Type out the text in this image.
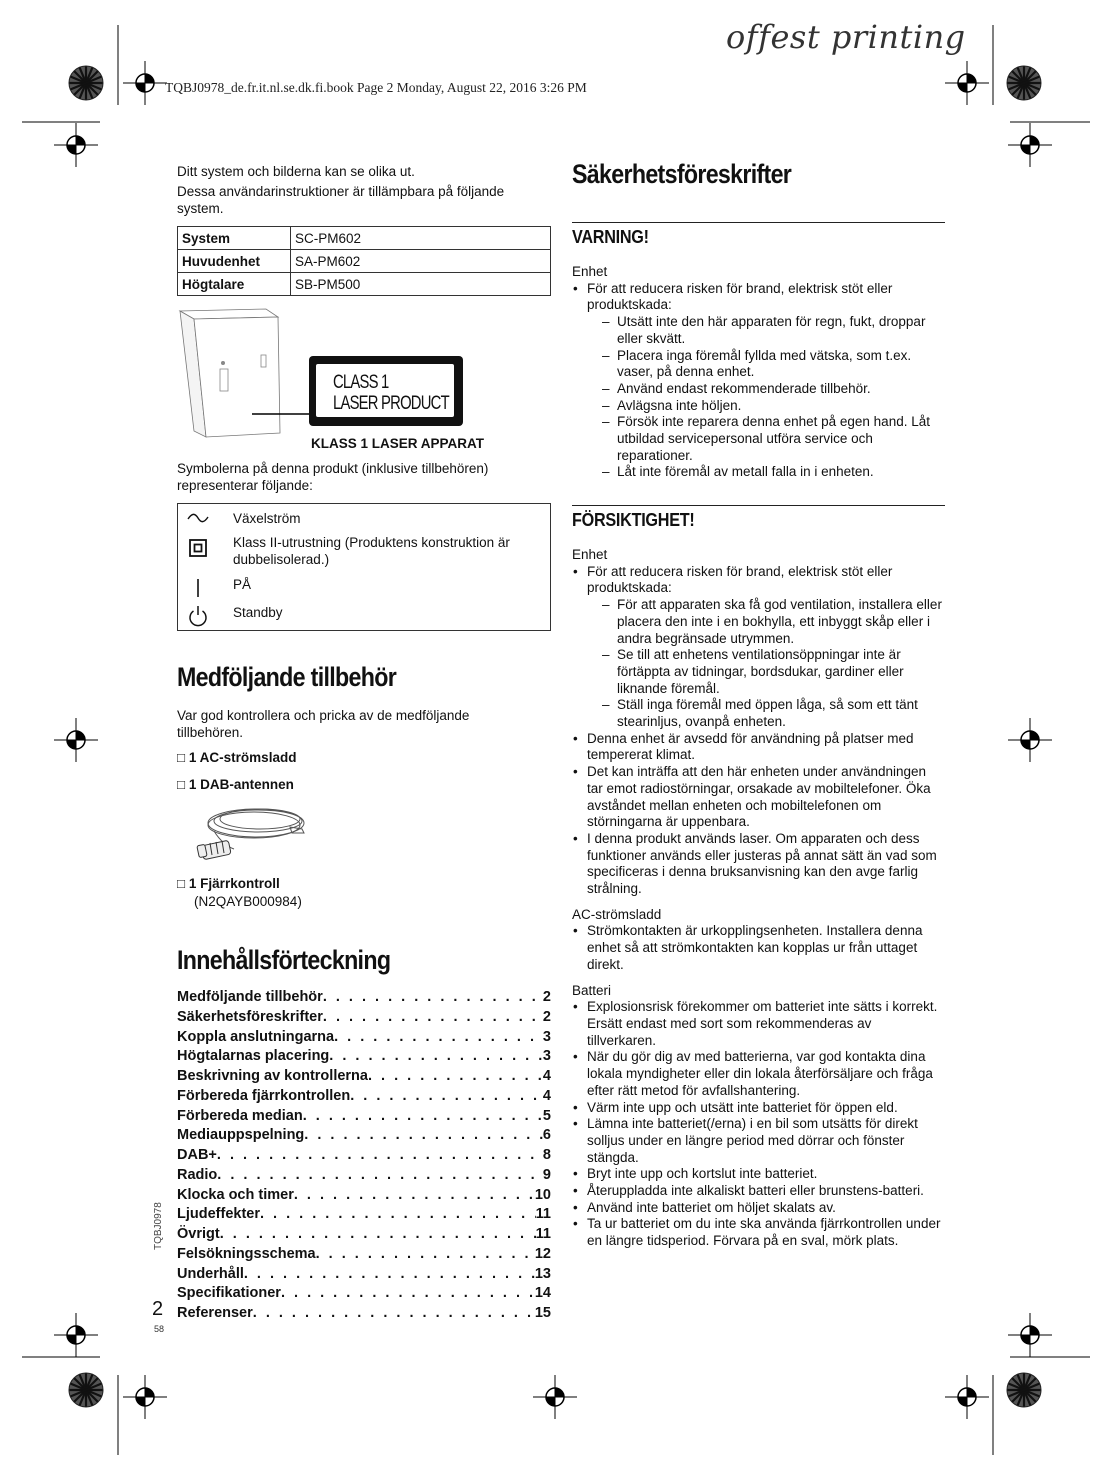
offest printing
TQBJ0978_de.fr.it.nl.se.dk.fi.book Page 2 Monday, August 22, 2016 3:26 PM

Ditt system och bilderna kan se olika ut.

Dessa användarinstruktioner är tillämpbara på följande system.

System	SC-PM602
Huvudenhet	SA-PM602
Högtalare	SB-PM500
CLASS 1
LASER PRODUCT
KLASS 1 LASER APPARAT

Symbolerna på denna produkt (inklusive tillbehören) representerar följande:

Växelström
Klass II-utrustning (Produktens konstruktion är dubbelisolerad.)
PÅ
Standby
Medföljande tillbehör

Var god kontrollera och pricka av de medföljande tillbehören.

□ 1 AC-strömsladd
□ 1 DAB-antennen
□ 1 Fjärrkontroll
(N2QAYB000984)
Innehållsförteckning
Medföljande tillbehör . . .	2
Säkerhetsföreskrifter . . .	2
Koppla anslutningarna . . .	3
Högtalarnas placering . . .	3
Beskrivning av kontrollerna . . .	4
Förbereda fjärrkontrollen . . .	4
Förbereda median . . .	5
Mediauppspelning . . .	6
DAB+ . . .	8
Radio . . .	9
Klocka och timer . . .	10
Ljudeffekter . . .	11
Övrigt . . .	11
Felsökningsschema . . .	12
Underhåll . . .	13
Specifikationer . . .	14
Referenser . . .	15
TQBJ0978
2
58
Säkerhetsföreskrifter
VARNING!
Enhet
• För att reducera risken för brand, elektrisk stöt eller produktskada:
– Utsätt inte den här apparaten för regn, fukt, droppar eller skvätt.
– Placera inga föremål fyllda med vätska, som t.ex. vaser, på denna enhet.
– Använd endast rekommenderade tillbehör.
– Avlägsna inte höljen.
– Försök inte reparera denna enhet på egen hand. Låt utbildad servicepersonal utföra service och reparationer.
– Låt inte föremål av metall falla in i enheten.
FÖRSIKTIGHET!
Enhet
• För att reducera risken för brand, elektrisk stöt eller produktskada:
– För att apparaten ska få god ventilation, installera eller placera den inte i en bokhylla, ett inbyggt skåp eller i andra begränsade utrymmen.
– Se till att enhetens ventilationsöppningar inte är förtäppta av tidningar, bordsdukar, gardiner eller liknande föremål.
– Ställ inga föremål med öppen låga, så som ett tänt stearinljus, ovanpå enheten.
• Denna enhet är avsedd för användning på platser med tempererat klimat.
• Det kan inträffa att den här enheten under användningen tar emot radiostörningar, orsakade av mobiltelefoner. Öka avståndet mellan enheten och mobiltelefonen om störningarna är uppenbara.
• I denna produkt används laser. Om apparaten och dess funktioner används eller justeras på annat sätt än vad som specificeras i denna bruksanvisning kan den avge farlig strålning.
AC-strömsladd
• Strömkontakten är urkopplingsenheten. Installera denna enhet så att strömkontakten kan kopplas ur från uttaget direkt.
Batteri
• Explosionsrisk förekommer om batteriet inte sätts i korrekt. Ersätt endast med sort som rekommenderas av tillverkaren.
• När du gör dig av med batterierna, var god kontakta dina lokala myndigheter eller din lokala återförsäljare och fråga efter rätt metod för avfallshantering.
• Värm inte upp och utsätt inte batteriet för öppen eld.
• Lämna inte batteriet(/erna) i en bil som utsätts för direkt solljus under en längre period med dörrar och fönster stängda.
• Bryt inte upp och kortslut inte batteriet.
• Återuppladda inte alkaliskt batteri eller brunstens-batteri.
• Använd inte batteriet om höljet skalats av.
• Ta ur batteriet om du inte ska använda fjärrkontrollen under en längre tidsperiod. Förvara på en sval, mörk plats.
